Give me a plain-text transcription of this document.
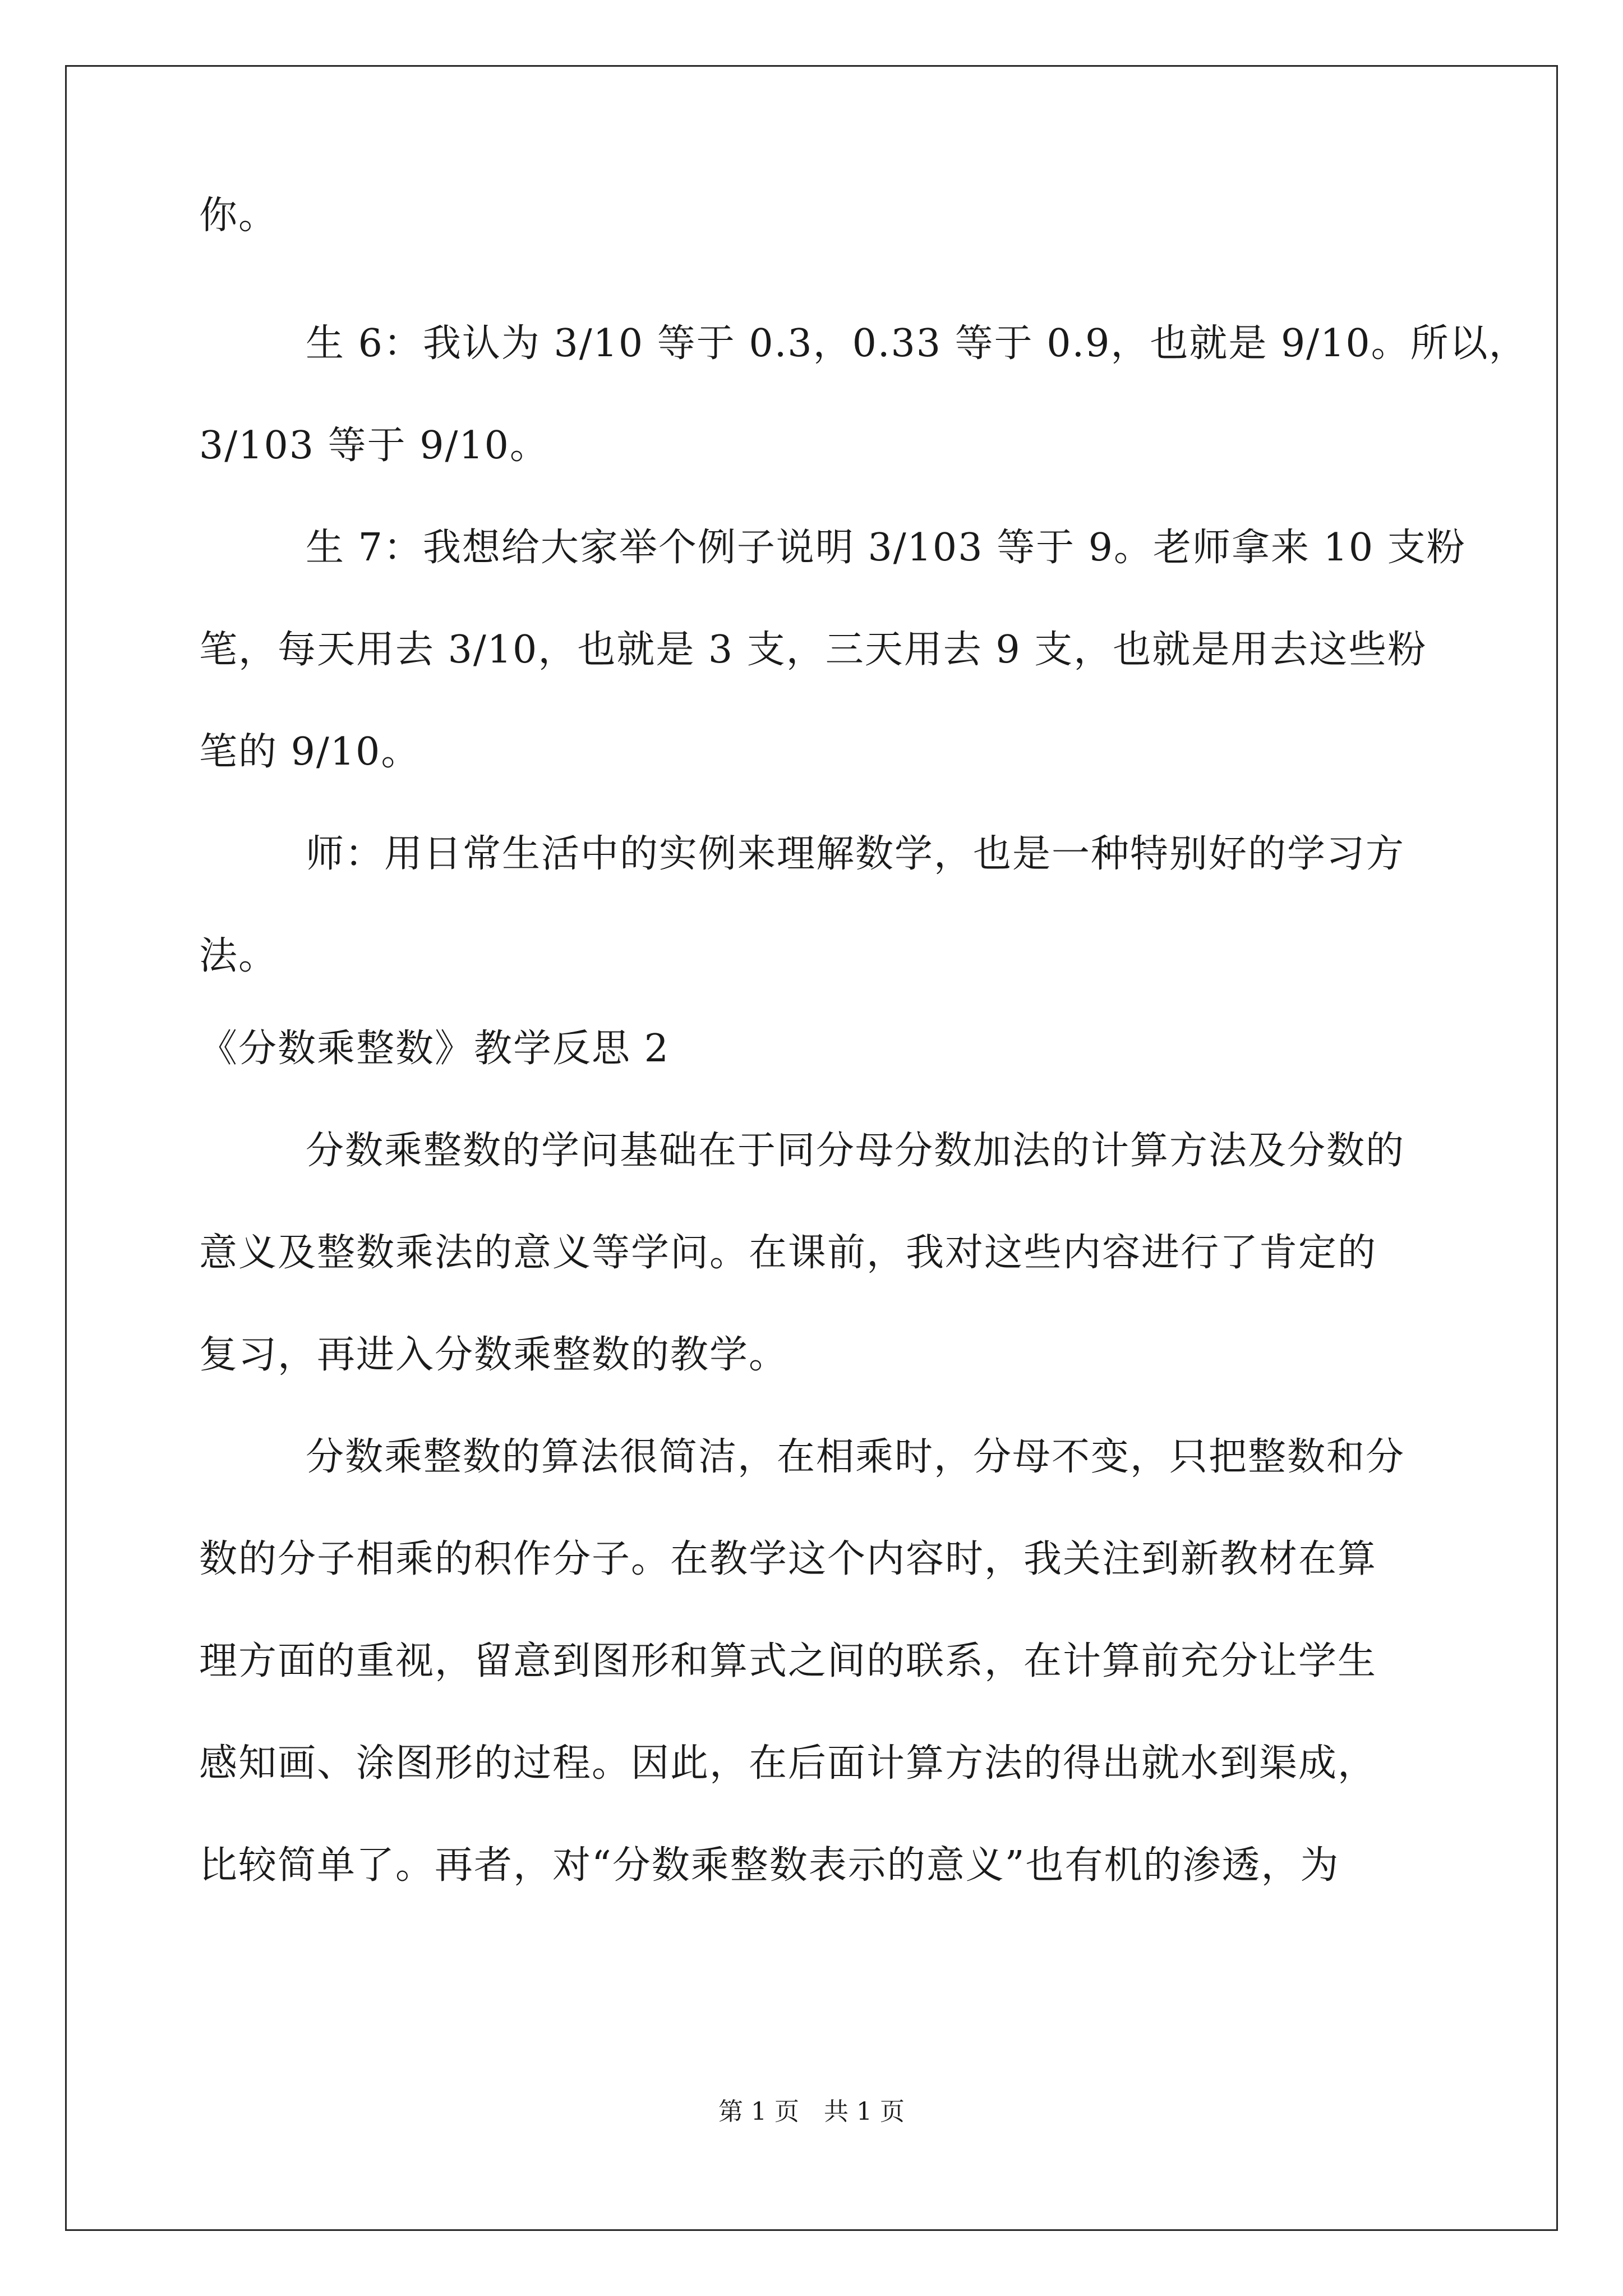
你。
　生 6：我认为 3/10 等于 0.3，0.33 等于 0.9，也就是 9/10。所以，
3/103 等于 9/10。
　生 7：我想给大家举个例子说明 3/103 等于 9。老师拿来 10 支粉
笔，每天用去 3/10，也就是 3 支，三天用去 9 支，也就是用去这些粉
笔的 9/10。
　师：用日常生活中的实例来理解数学，也是一种特别好的学习方
法。
《分数乘整数》教学反思 2
　分数乘整数的学问基础在于同分母分数加法的计算方法及分数的
意义及整数乘法的意义等学问。在课前，我对这些内容进行了肯定的
复习，再进入分数乘整数的教学。
　分数乘整数的算法很简洁，在相乘时，分母不变，只把整数和分
数的分子相乘的积作分子。在教学这个内容时，我关注到新教材在算
理方面的重视，留意到图形和算式之间的联系，在计算前充分让学生
感知画、涂图形的过程。因此，在后面计算方法的得出就水到渠成，
比较简单了。再者，对“分数乘整数表示的意义”也有机的渗透，为
第 1 页　共 1 页
